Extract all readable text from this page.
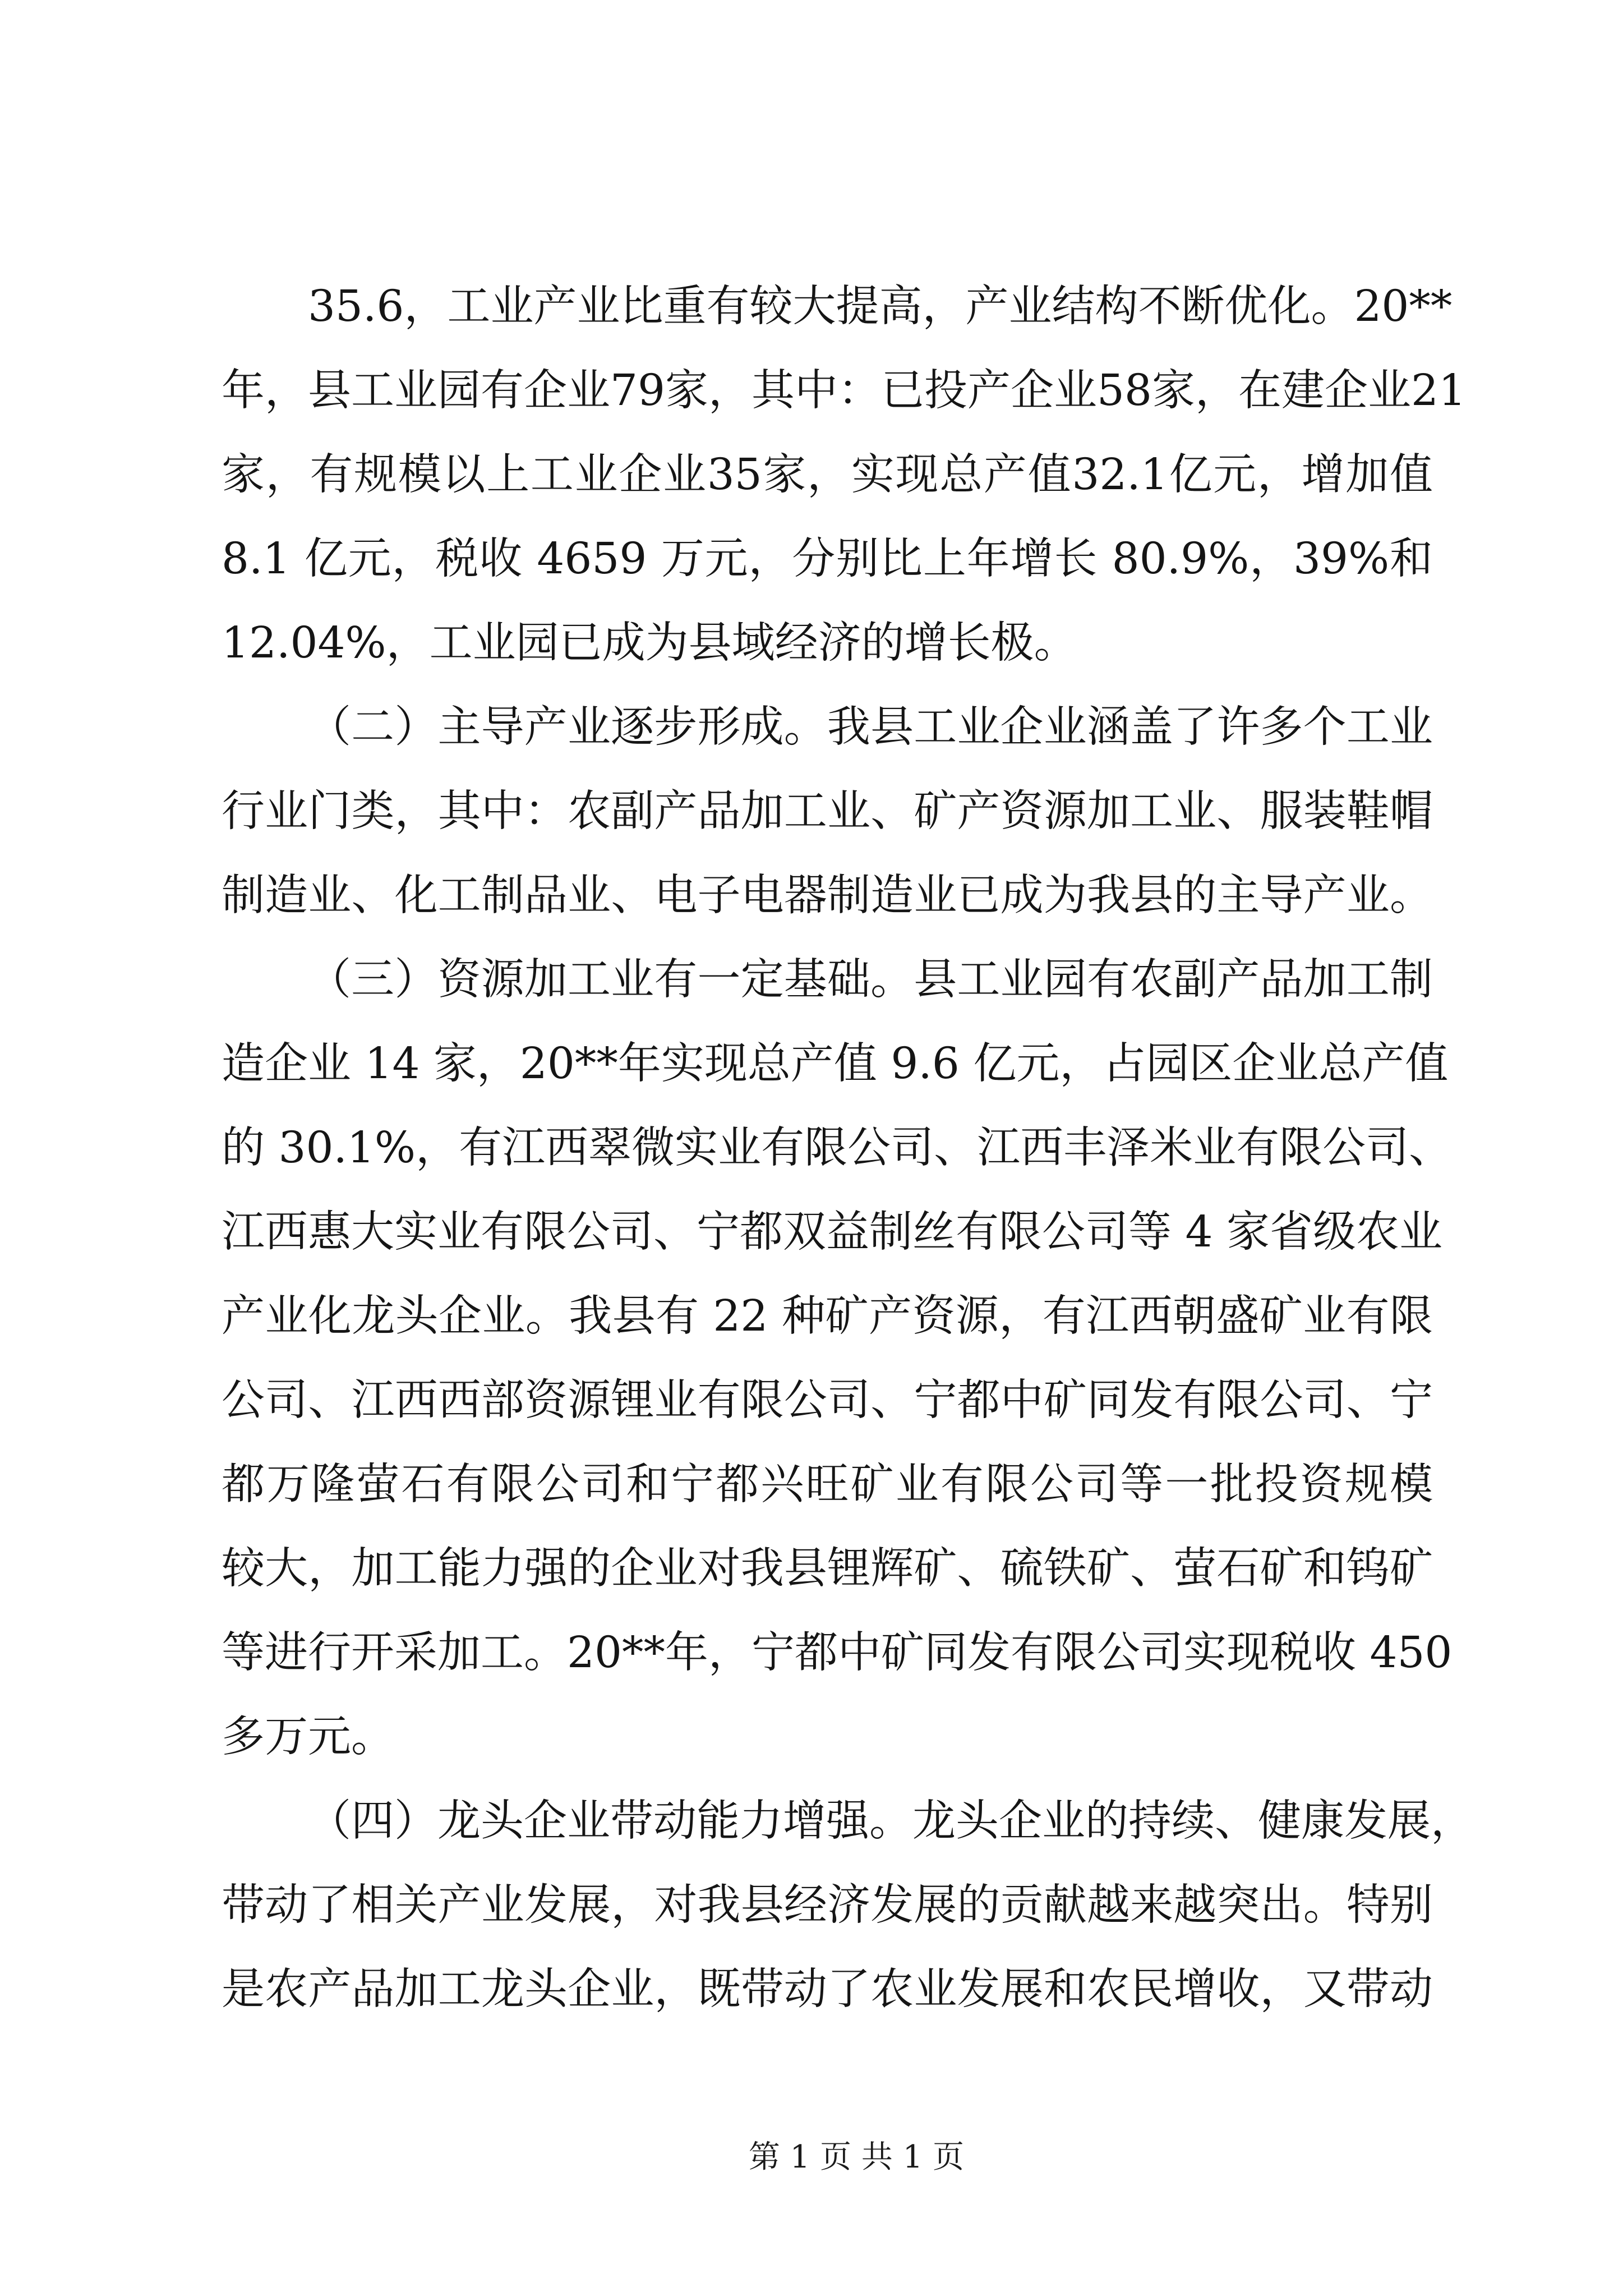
35.6，工业产业比重有较大提高，产业结构不断优化。20**
年，县工业园有企业79家，其中：已投产企业58家，在建企业21
家，有规模以上工业企业35家，实现总产值32.1亿元，增加值
8.1 亿元，税收 4659 万元，分别比上年增长 80.9%，39%和
12.04%，工业园已成为县域经济的增长极。
（二）主导产业逐步形成。我县工业企业涵盖了许多个工业
行业门类，其中：农副产品加工业、矿产资源加工业、服装鞋帽
制造业、化工制品业、电子电器制造业已成为我县的主导产业。
（三）资源加工业有一定基础。县工业园有农副产品加工制
造企业 14 家，20**年实现总产值 9.6 亿元，占园区企业总产值
的 30.1%，有江西翠微实业有限公司、江西丰泽米业有限公司、
江西惠大实业有限公司、宁都双益制丝有限公司等 4 家省级农业
产业化龙头企业。我县有 22 种矿产资源，有江西朝盛矿业有限
公司、江西西部资源锂业有限公司、宁都中矿同发有限公司、宁
都万隆萤石有限公司和宁都兴旺矿业有限公司等一批投资规模
较大，加工能力强的企业对我县锂辉矿、硫铁矿、萤石矿和钨矿
等进行开采加工。20**年，宁都中矿同发有限公司实现税收 450
多万元。
（四）龙头企业带动能力增强。龙头企业的持续、健康发展，
带动了相关产业发展，对我县经济发展的贡献越来越突出。特别
是农产品加工龙头企业，既带动了农业发展和农民增收，又带动
第 1 页 共 1 页
